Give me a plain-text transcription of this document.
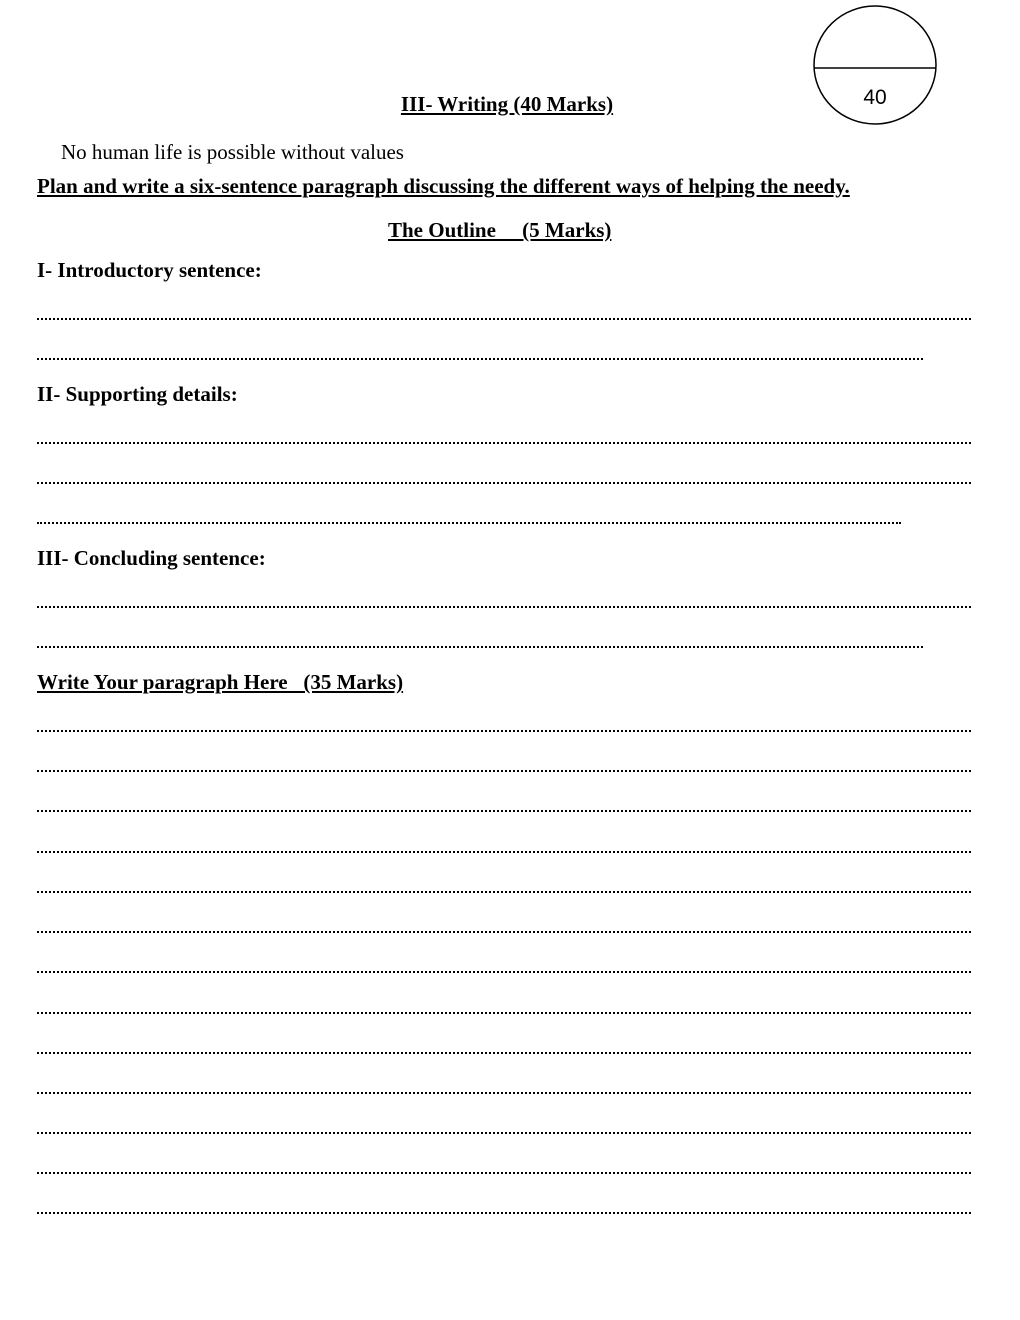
40
III- Writing (40 Marks)
No human life is possible without values
Plan and write a six-sentence paragraph discussing the different ways of helping the needy.
The Outline     (5 Marks)
I- Introductory sentence:
II- Supporting details:
III- Concluding sentence:
Write Your paragraph Here   (35 Marks)
